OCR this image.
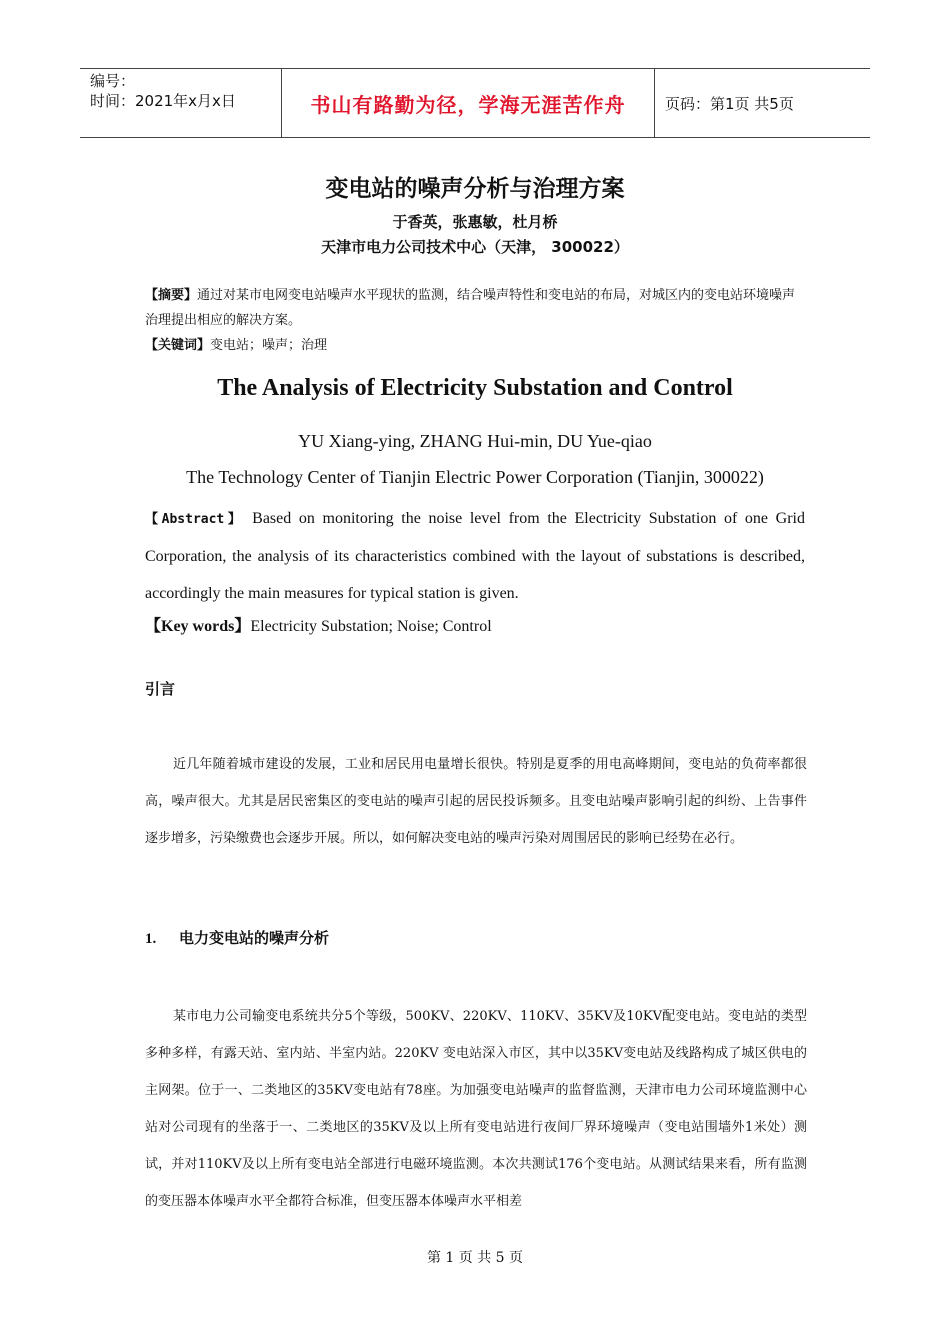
编号：
时间：2021年x月x日	书山有路勤为径，学海无涯苦作舟	页码：第1页 共5页
变电站的噪声分析与治理方案
于香英，张惠敏，杜月桥
天津市电力公司技术中心（天津， 300022）
【摘要】通过对某市电网变电站噪声水平现状的监测，结合噪声特性和变电站的布局，对城区内的变电站环境噪声治理提出相应的解决方案。
【关键词】变电站；噪声；治理
The Analysis of Electricity Substation and Control
YU Xiang-ying, ZHANG Hui-min, DU Yue-qiao
The Technology Center of Tianjin Electric Power Corporation (Tianjin, 300022)
【Abstract】 Based on monitoring the noise level from the Electricity Substation of one Grid Corporation, the analysis of its characteristics combined with the layout of substations is described, accordingly the main measures for typical station is given.
【Key words】Electricity Substation; Noise; Control
引言
近几年随着城市建设的发展，工业和居民用电量增长很快。特别是夏季的用电高峰期间，变电站的负荷率都很高，噪声很大。尤其是居民密集区的变电站的噪声引起的居民投诉频多。且变电站噪声影响引起的纠纷、上告事件逐步增多，污染缴费也会逐步开展。所以，如何解决变电站的噪声污染对周围居民的影响已经势在必行。
1. 电力变电站的噪声分析
某市电力公司输变电系统共分5个等级，500KV、220KV、110KV、35KV及10KV配变电站。变电站的类型多种多样，有露天站、室内站、半室内站。220KV 变电站深入市区，其中以35KV变电站及线路构成了城区供电的主网架。位于一、二类地区的35KV变电站有78座。为加强变电站噪声的监督监测，天津市电力公司环境监测中心站对公司现有的坐落于一、二类地区的35KV及以上所有变电站进行夜间厂界环境噪声（变电站围墙外1米处）测试，并对110KV及以上所有变电站全部进行电磁环境监测。本次共测试176个变电站。从测试结果来看，所有监测的变压器本体噪声水平全都符合标准，但变压器本体噪声水平相差
第 1 页 共 5 页
